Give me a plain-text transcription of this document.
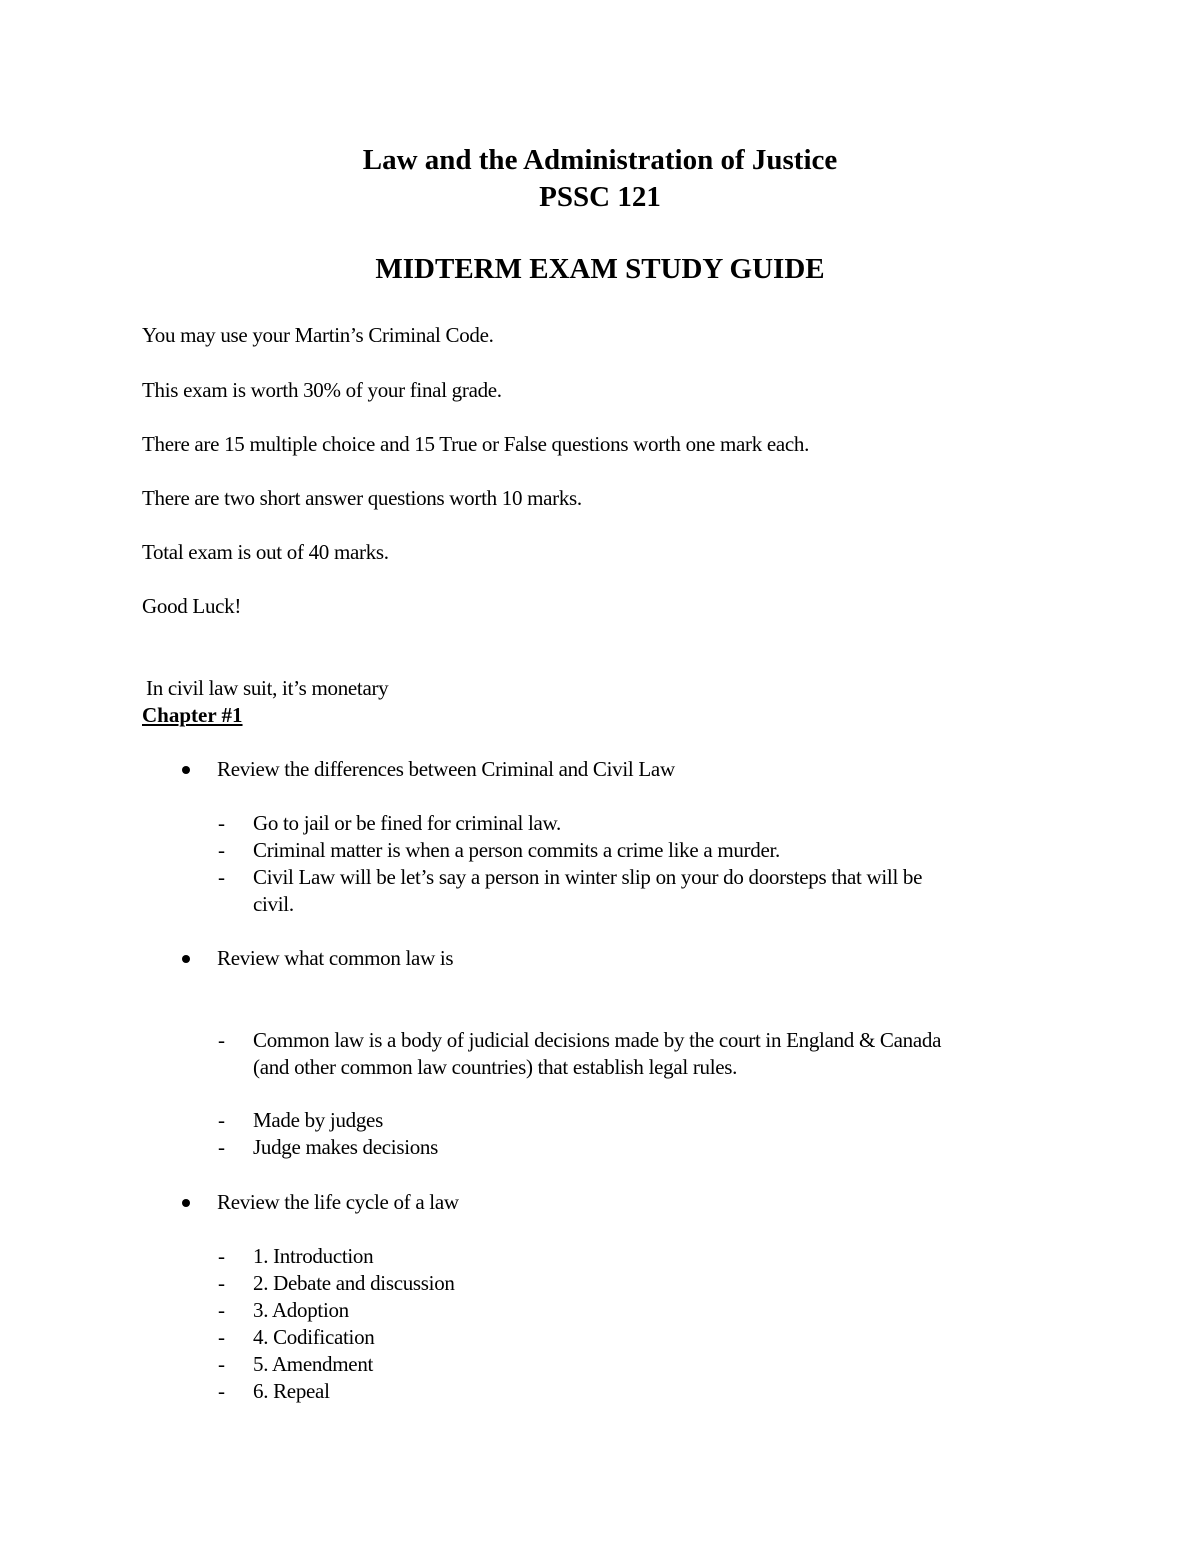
Law and the Administration of Justice
PSSC 121
MIDTERM EXAM STUDY GUIDE
You may use your Martin’s Criminal Code.
This exam is worth 30% of your final grade.
There are 15 multiple choice and 15 True or False questions worth one mark each.
There are two short answer questions worth 10 marks.
Total exam is out of 40 marks.
Good Luck!
In civil law suit, it’s monetary
Chapter #1
Review the differences between Criminal and Civil Law
- Go to jail or be fined for criminal law.
- Criminal matter is when a person commits a crime like a murder.
- Civil Law will be let’s say a person in winter slip on your do doorsteps that will be
civil.
Review what common law is
- Common law is a body of judicial decisions made by the court in England & Canada
(and other common law countries) that establish legal rules.
- Made by judges
- Judge makes decisions
Review the life cycle of a law
- 1. Introduction
- 2. Debate and discussion
- 3. Adoption
- 4. Codification
- 5. Amendment
- 6. Repeal
